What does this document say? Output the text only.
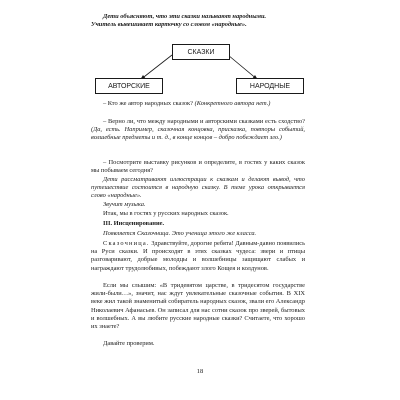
Дети объясняют, что эти сказки называют народными.
Учитель вывешивает карточку со словом «народные».
СКАЗКИ
АВТОРСКИЕ	НАРОДНЫЕ
– Кто же автор народных сказок? (Конкретного автора нет.)
– Верно ли, что между народными и авторскими сказками есть сходство? (Да, есть. Например, сказочная концовка, присказка, повторы событий, волшебные предметы и т. д., в конце концов – добро побеждает зло.)
– Посмотрите выставку рисунков и определите, в гостях у каких сказок мы побываем сегодня?
Дети рассматривают иллюстрации к сказкам и делают вывод, что путешествие состоится в народную сказку. В теме урока открывается слово «народные».
Звучит музыка.
Итак, мы в гостях у русских народных сказок.
III. Инсценирование.
Появляется Сказочница. Это ученица этого же класса.
Сказочница. Здравствуйте, дорогие ребята! Давным-давно появились на Руси сказки. И происходят в этих сказках чудеса: звери и птицы разговаривают, добрые молодцы и волшебницы защищают слабых и награждают трудолюбивых, побеждают злого Кощея и колдунов.
Если мы слышим: «В тридевятом царстве, в тридесятом государстве жили-были…», значит, нас ждут увлекательные сказочные события. В XIX веке жил такой знаменитый собиратель народных сказок, звали его Александр Николаевич Афанасьев. Он записал для нас сотни сказок про зверей, бытовых и волшебных. А вы любите русские народные сказки? Считаете, что хорошо их знаете?
Давайте проверим.
18
